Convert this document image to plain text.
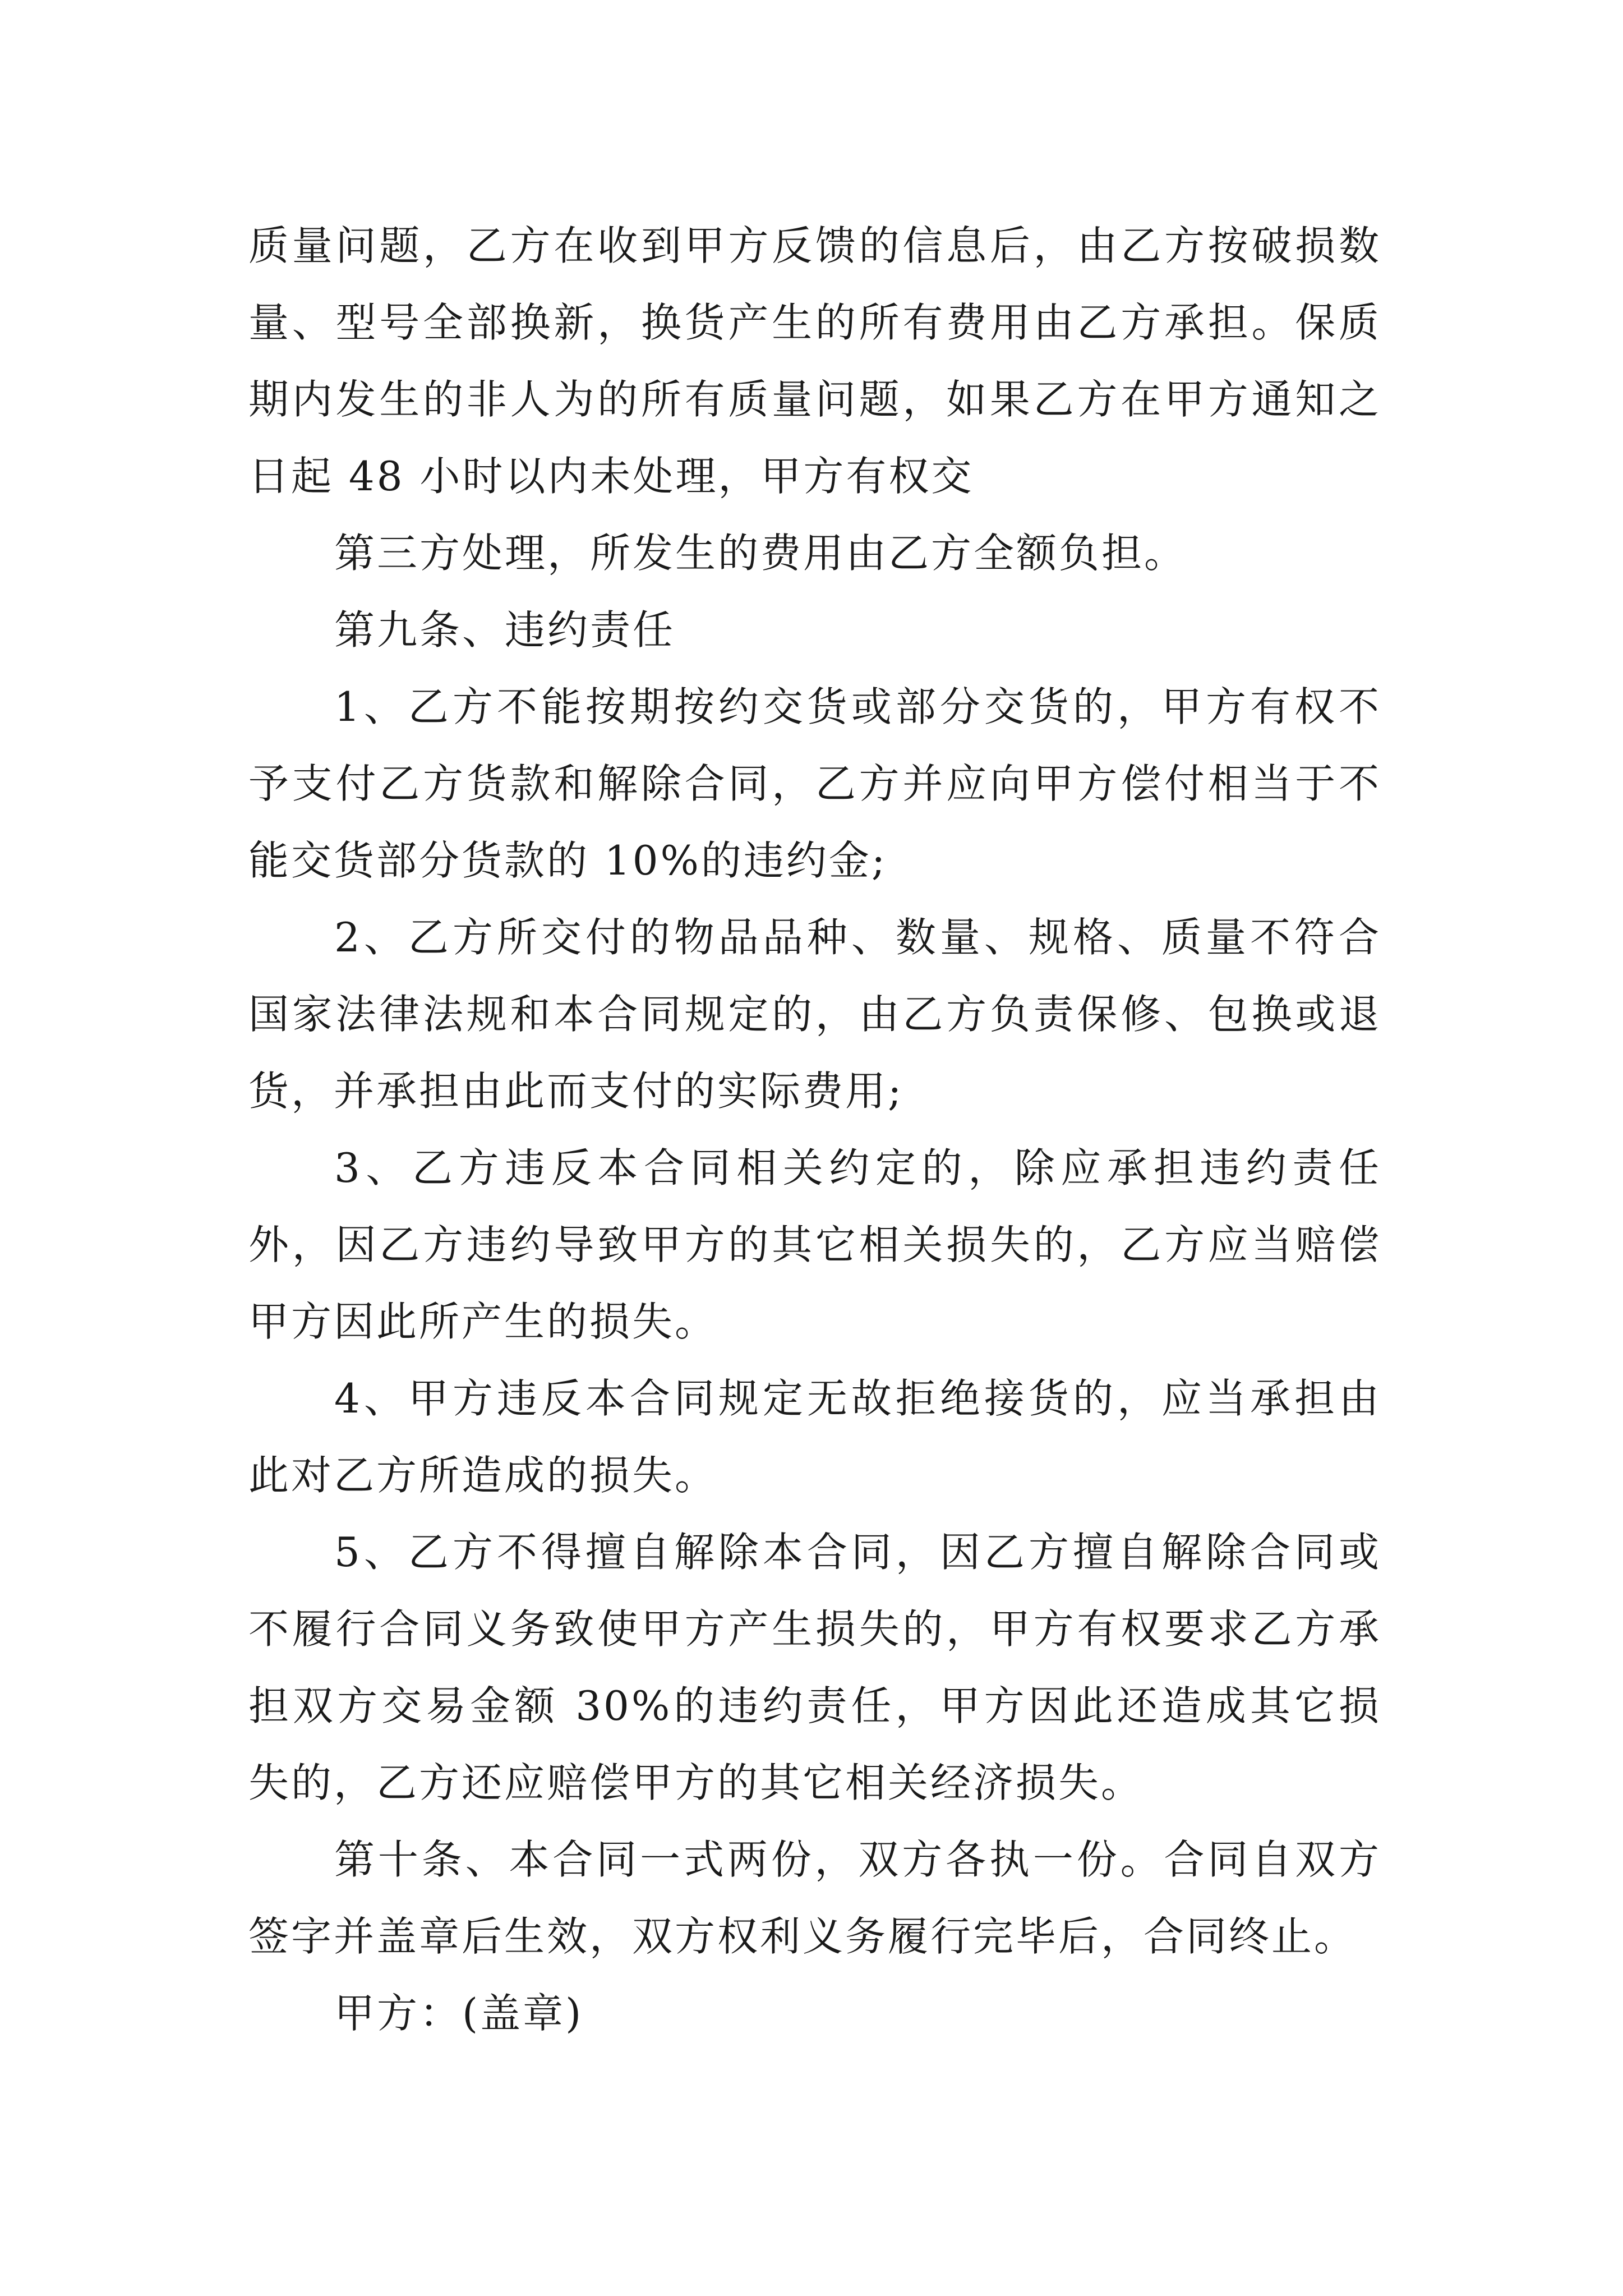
质量问题，乙方在收到甲方反馈的信息后，由乙方按破损数量、型号全部换新，换货产生的所有费用由乙方承担。保质期内发生的非人为的所有质量问题，如果乙方在甲方通知之日起 48 小时以内未处理，甲方有权交

第三方处理，所发生的费用由乙方全额负担。

第九条、违约责任

1、乙方不能按期按约交货或部分交货的，甲方有权不予支付乙方货款和解除合同，乙方并应向甲方偿付相当于不能交货部分货款的 10%的违约金;

2、乙方所交付的物品品种、数量、规格、质量不符合国家法律法规和本合同规定的，由乙方负责保修、包换或退货，并承担由此而支付的实际费用;

3、乙方违反本合同相关约定的，除应承担违约责任外，因乙方违约导致甲方的其它相关损失的，乙方应当赔偿甲方因此所产生的损失。

4、甲方违反本合同规定无故拒绝接货的，应当承担由此对乙方所造成的损失。

5、乙方不得擅自解除本合同，因乙方擅自解除合同或不履行合同义务致使甲方产生损失的，甲方有权要求乙方承担双方交易金额 30%的违约责任，甲方因此还造成其它损失的，乙方还应赔偿甲方的其它相关经济损失。

第十条、本合同一式两份，双方各执一份。合同自双方签字并盖章后生效，双方权利义务履行完毕后，合同终止。

甲方：(盖章)
